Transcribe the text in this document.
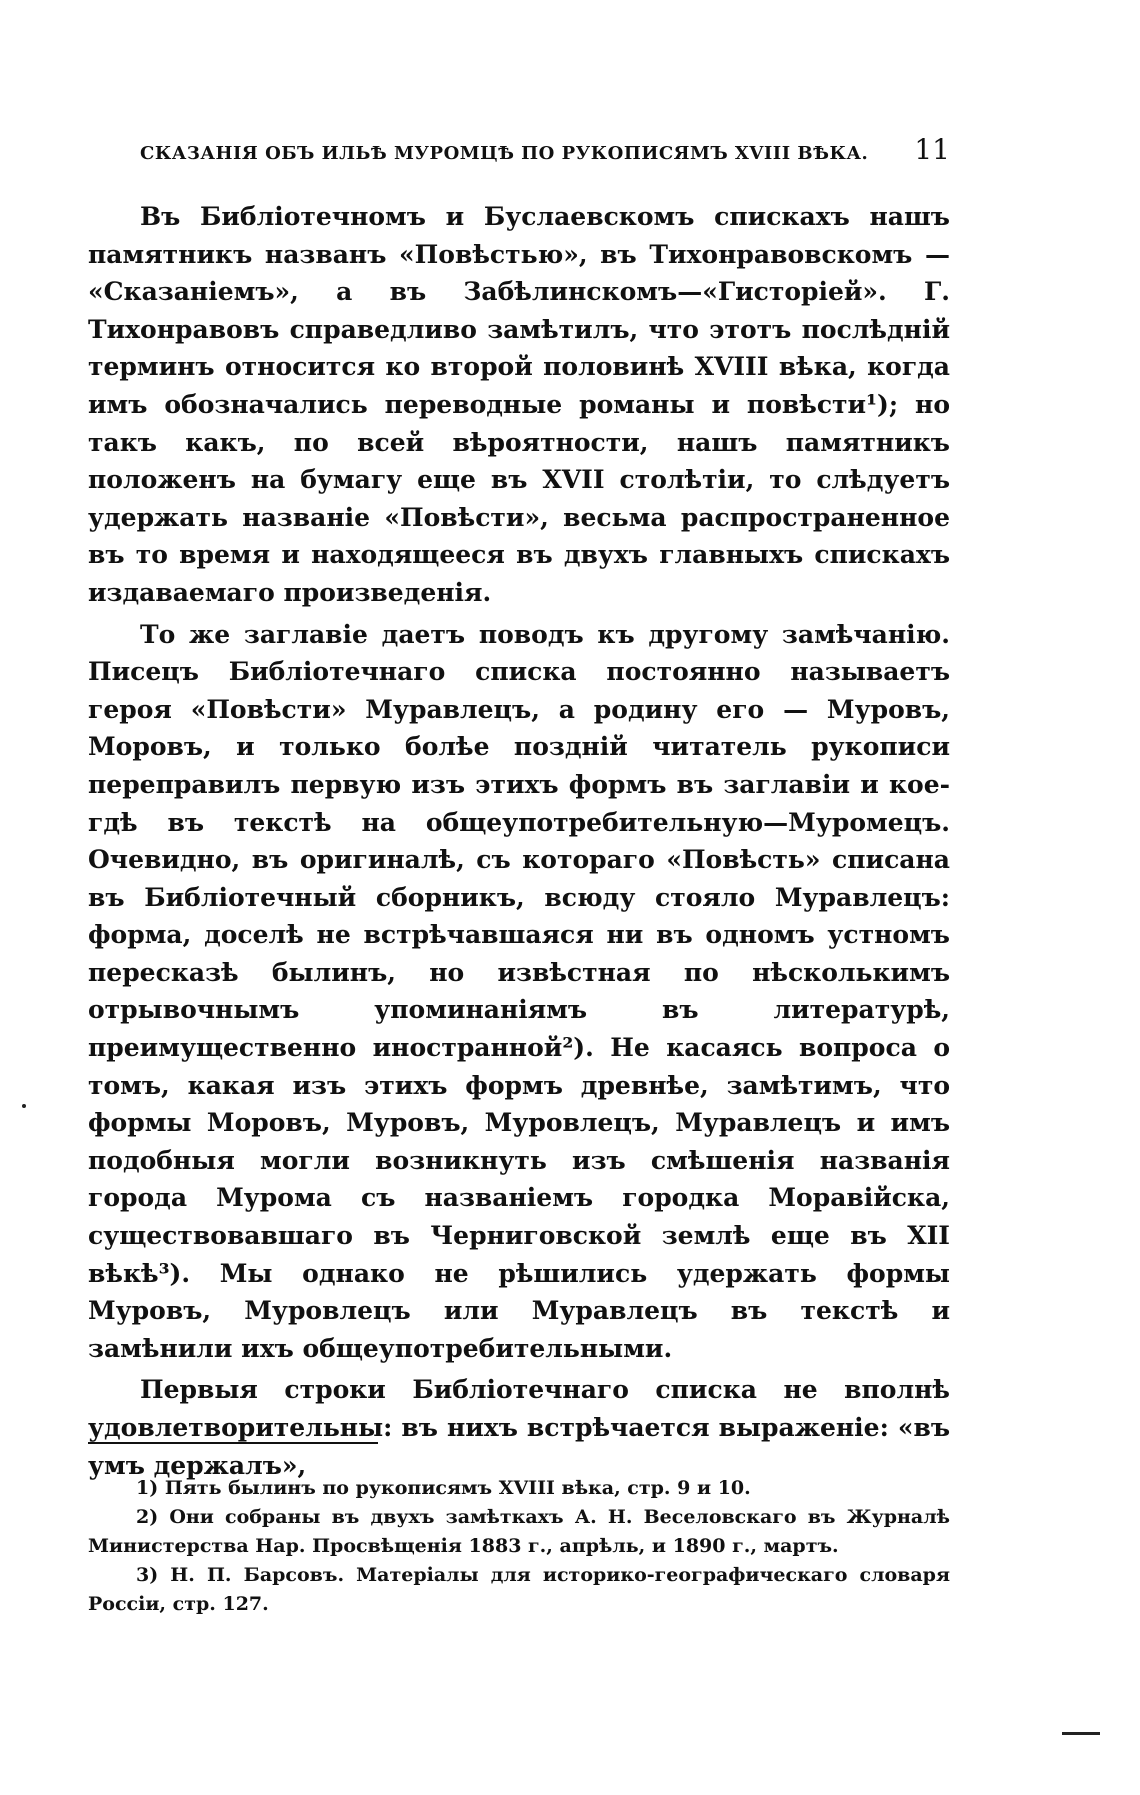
СКАЗАНІЯ ОБЪ ИЛЬѢ МУРОМЦѢ ПО РУКОПИСЯМЪ XVIII ВѢКА. 11

Въ Библіотечномъ и Буслаевскомъ спискахъ нашъ памятникъ названъ «Повѣстью», въ Тихонравовскомъ — «Сказаніемъ», а въ Забѣлинскомъ—«Гисторіей». Г. Тихонравовъ справедливо замѣтилъ, что этотъ послѣдній терминъ относится ко второй половинѣ XVIII вѣка, когда имъ обозначались переводные романы и повѣсти¹); но такъ какъ, по всей вѣроятности, нашъ памятникъ положенъ на бумагу еще въ XVII столѣтіи, то слѣдуетъ удержать названіе «Повѣсти», весьма распространенное въ то время и находящееся въ двухъ главныхъ спискахъ издаваемаго произведенія.

То же заглавіе даетъ поводъ къ другому замѣчанію. Писецъ Библіотечнаго списка постоянно называетъ героя «Повѣсти» Муравлецъ, а родину его — Муровъ, Моровъ, и только болѣе поздній читатель рукописи переправилъ первую изъ этихъ формъ въ заглавіи и кое-гдѣ въ текстѣ на общеупотребительную—Муромецъ. Очевидно, въ оригиналѣ, съ котораго «Повѣсть» списана въ Библіотечный сборникъ, всюду стояло Муравлецъ: форма, доселѣ не встрѣчавшаяся ни въ одномъ устномъ пересказѣ былинъ, но извѣстная по нѣсколькимъ отрывочнымъ упоминаніямъ въ литературѣ, преимущественно иностранной²). Не касаясь вопроса о томъ, какая изъ этихъ формъ древнѣе, замѣтимъ, что формы Моровъ, Муровъ, Муровлецъ, Муравлецъ и имъ подобныя могли возникнуть изъ смѣшенія названія города Мурома съ названіемъ городка Моравійска, существовавшаго въ Черниговской землѣ еще въ XII вѣкѣ³). Мы однако не рѣшились удержать формы Муровъ, Муровлецъ или Муравлецъ въ текстѣ и замѣнили ихъ общеупотребительными.

Первыя строки Библіотечнаго списка не вполнѣ удовлетворительны: въ нихъ встрѣчается выраженіе: «въ умъ держалъ»,

1) Пять былинъ по рукописямъ XVIII вѣка, стр. 9 и 10.

2) Они собраны въ двухъ замѣткахъ А. Н. Веселовскаго въ Журналѣ Министерства Нар. Просвѣщенія 1883 г., апрѣль, и 1890 г., мартъ.

3) Н. П. Барсовъ. Матеріалы для историко-географическаго словаря Россіи, стр. 127.
